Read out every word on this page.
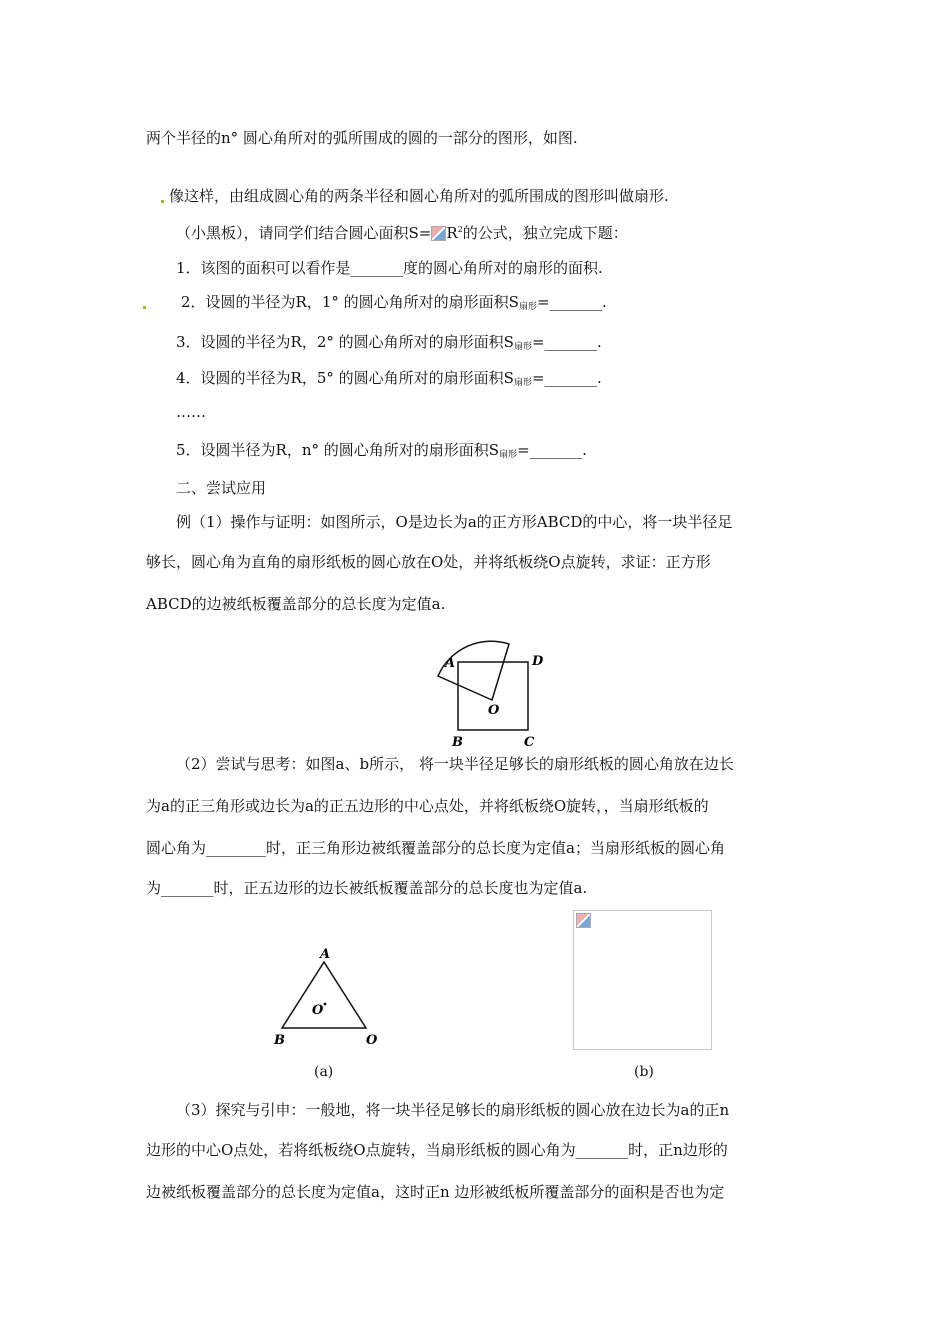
两个半径的n° 圆心角所对的弧所围成的圆的一部分的图形，如图.
像这样，由组成圆心角的两条半径和圆心角所对的弧所围成的图形叫做扇形.
（小黑板），请同学们结合圆心面积$S= R^2$的公式，独立完成下题：
1．该图的面积可以看作是_______度的圆心角所对的扇形的面积.
2．设圆的半径为R，1° 的圆心角所对的扇形面积$S_{扇形}=\_\_\_\_\_\_\_$.
3．设圆的半径为R，2° 的圆心角所对的扇形面积$S_{扇形}=\_\_\_\_\_\_\_$.
4．设圆的半径为R，5° 的圆心角所对的扇形面积$S_{扇形}=\_\_\_\_\_\_\_$.
……
5．设圆半径为R，n° 的圆心角所对的扇形面积$S_{扇形}=\_\_\_\_\_\_\_$.
二、尝试应用
例（1）操作与证明：如图所示，O是边长为a的正方形ABCD的中心，将一块半径足
够长，圆心角为直角的扇形纸板的圆心放在O处，并将纸板绕O点旋转，求证：正方形
ABCD的边被纸板覆盖部分的总长度为定值a.
A	D
O
B	C
（2）尝试与思考：如图a、b所示， 将一块半径足够长的扇形纸板的圆心角放在边长
为a的正三角形或边长为a的正五边形的中心点处，并将纸板绕O旋转，，当扇形纸板的
圆心角为________时，正三角形边被纸覆盖部分的总长度为定值a；当扇形纸板的圆心角
为_______时，正五边形的边长被纸板覆盖部分的总长度也为定值a.
A
O
B	O
(a)	(b)
（3）探究与引申：一般地，将一块半径足够长的扇形纸板的圆心放在边长为a的正n
边形的中心O点处，若将纸板绕O点旋转，当扇形纸板的圆心角为_______时，正n边形的
边被纸板覆盖部分的总长度为定值a，这时正n 边形被纸板所覆盖部分的面积是否也为定
